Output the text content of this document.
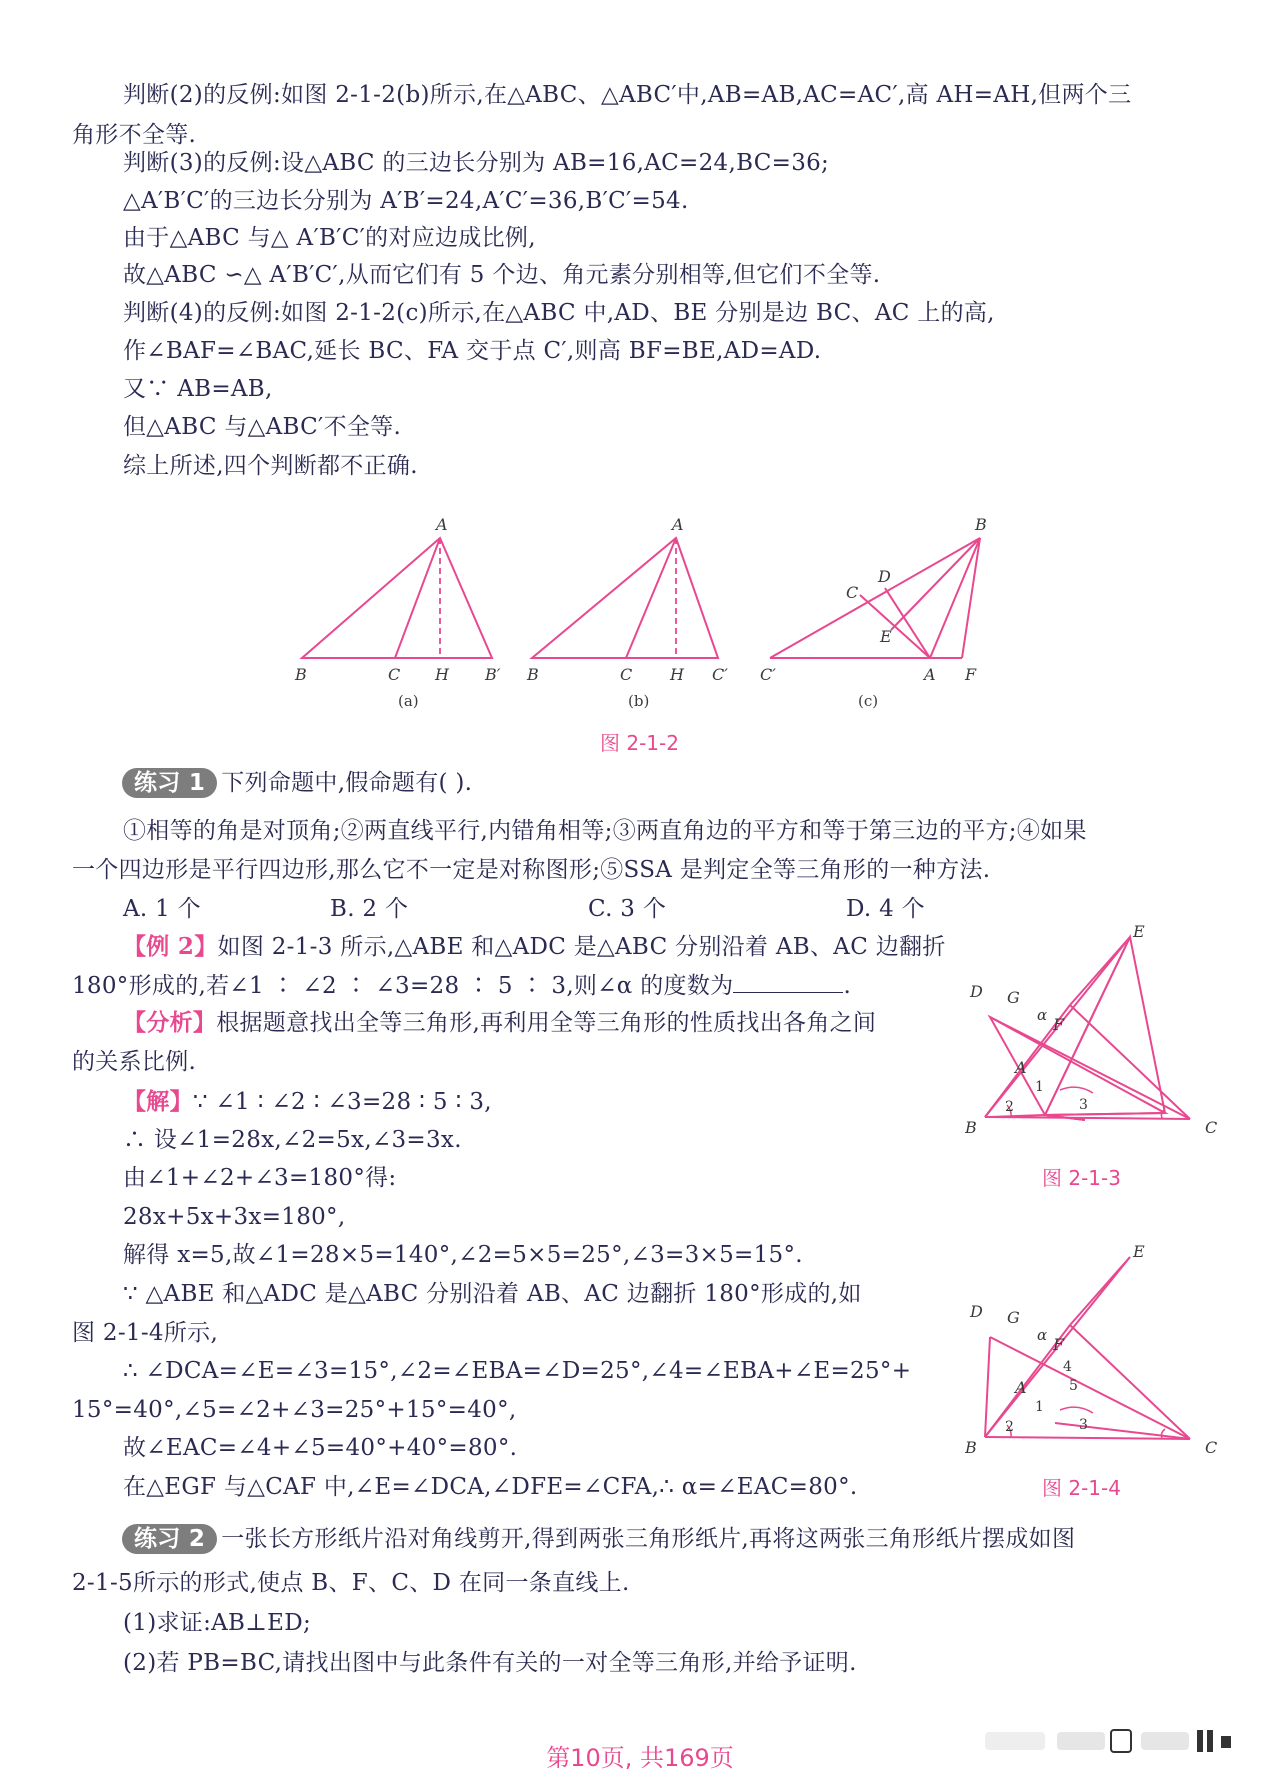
判断(2)的反例:如图 2-1-2(b)所示,在△ABC、△ABC′中,AB=AB,AC=AC′,高 AH=AH,但两个三
角形不全等.
判断(3)的反例:设△ABC 的三边长分别为 AB=16,AC=24,BC=36;
△A′B′C′的三边长分别为 A′B′=24,A′C′=36,B′C′=54.
由于△ABC 与△ A′B′C′的对应边成比例,
故△ABC ∽△ A′B′C′,从而它们有 5 个边、角元素分别相等,但它们不全等.
判断(4)的反例:如图 2-1-2(c)所示,在△ABC 中,AD、BE 分别是边 BC、AC 上的高,
作∠BAF=∠BAC,延长 BC、FA 交于点 C′,则高 BF=BE,AD=AD.
又∵ AB=AB,
但△ABC 与△ABC′不全等.
综上所述,四个判断都不正确.
A
B	C H B′
(a)
A
B	C H C′
(b)
B
D
C
E
C′	A F
(c)
图 2-1-2
练习 1 下列命题中,假命题有( ).
①相等的角是对顶角;②两直线平行,内错角相等;③两直角边的平方和等于第三边的平方;④如果
一个四边形是平行四边形,那么它不一定是对称图形;⑤SSA 是判定全等三角形的一种方法.
A. 1 个	B. 2 个	C. 3 个	D. 4 个
【例 2】如图 2-1-3 所示,△ABE 和△ADC 是△ABC 分别沿着 AB、AC 边翻折
180°形成的,若∠1 ∶ ∠2 ∶ ∠3=28 ∶ 5 ∶ 3,则∠α 的度数为	.
【分析】根据题意找出全等三角形,再利用全等三角形的性质找出各角之间
的关系比例.
【解】∵ ∠1 ∶ ∠2 ∶ ∠3=28 ∶ 5 ∶ 3,
∴ 设∠1=28x,∠2=5x,∠3=3x.
由∠1+∠2+∠3=180°得:
28x+5x+3x=180°,
解得 x=5,故∠1=28×5=140°,∠2=5×5=25°,∠3=3×5=15°.
∵ △ABE 和△ADC 是△ABC 分别沿着 AB、AC 边翻折 180°形成的,如
图 2-1-4所示,
∴ ∠DCA=∠E=∠3=15°,∠2=∠EBA=∠D=25°,∠4=∠EBA+∠E=25°+
15°=40°,∠5=∠2+∠3=25°+15°=40°,
故∠EAC=∠4+∠5=40°+40°=80°.
在△EGF 与△CAF 中,∠E=∠DCA,∠DFE=∠CFA,∴ α=∠EAC=80°.
E
D G
α F
A
B	C
1
2	3
图 2-1-3
E
D G
α F
A
B	C
1
2	3
4
5
图 2-1-4
练习 2 一张长方形纸片沿对角线剪开,得到两张三角形纸片,再将这两张三角形纸片摆成如图
2-1-5所示的形式,使点 B、F、C、D 在同一条直线上.
(1)求证:AB⊥ED;
(2)若 PB=BC,请找出图中与此条件有关的一对全等三角形,并给予证明.
第10页, 共169页
